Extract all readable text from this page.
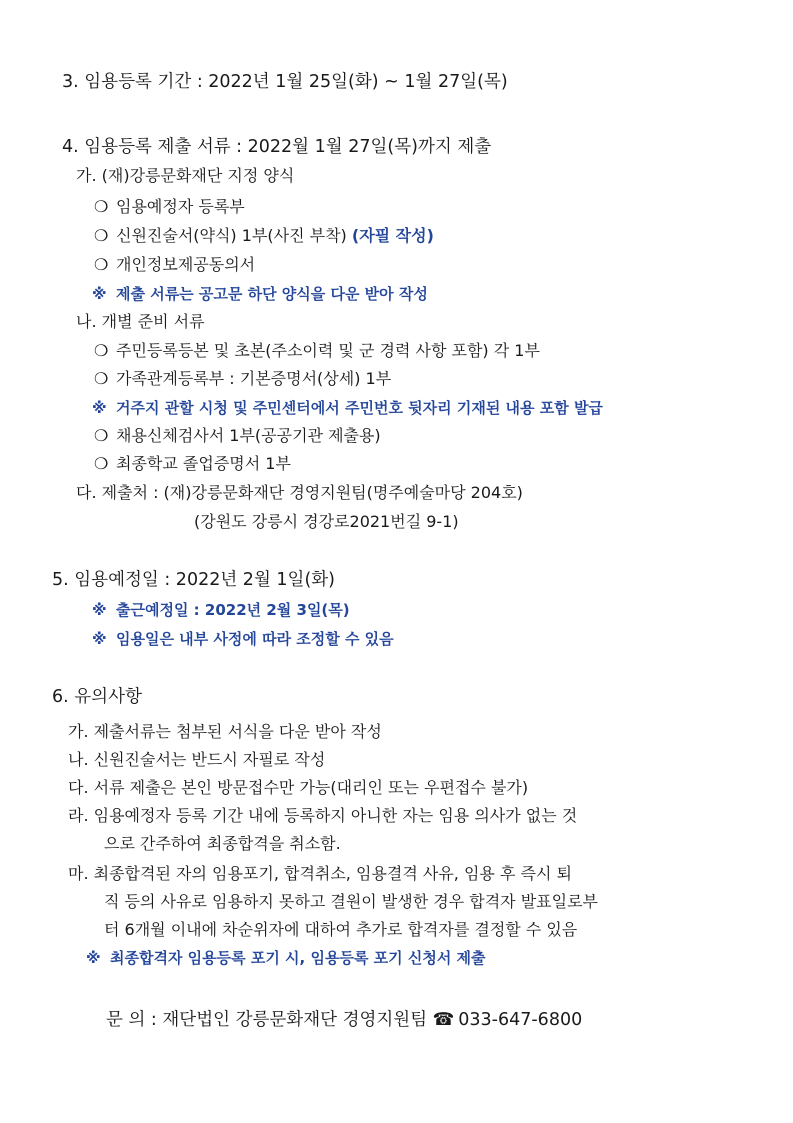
3. 임용등록 기간 : 2022년 1월 25일(화) ~ 1월 27일(목)
4. 임용등록 제출 서류 : 2022월 1월 27일(목)까지 제출
가. (재)강릉문화재단 지정 양식
❍ 임용예정자 등록부
❍ 신원진술서(약식) 1부(사진 부착) (자필 작성)
❍ 개인정보제공동의서
※ 제출 서류는 공고문 하단 양식을 다운 받아 작성
나. 개별 준비 서류
❍ 주민등록등본 및 초본(주소이력 및 군 경력 사항 포함) 각 1부
❍ 가족관계등록부 : 기본증명서(상세) 1부
※ 거주지 관할 시청 및 주민센터에서 주민번호 뒷자리 기재된 내용 포함 발급
❍ 채용신체검사서 1부(공공기관 제출용)
❍ 최종학교 졸업증명서 1부
다. 제출처 : (재)강릉문화재단 경영지원팀(명주예술마당 204호)
(강원도 강릉시 경강로2021번길 9-1)
5. 임용예정일 : 2022년 2월 1일(화)
※ 출근예정일 : 2022년 2월 3일(목)
※ 임용일은 내부 사정에 따라 조정할 수 있음
6. 유의사항
가. 제출서류는 첨부된 서식을 다운 받아 작성
나. 신원진술서는 반드시 자필로 작성
다. 서류 제출은 본인 방문접수만 가능(대리인 또는 우편접수 불가)
라. 임용예정자 등록 기간 내에 등록하지 아니한 자는 임용 의사가 없는 것
으로 간주하여 최종합격을 취소함.
마. 최종합격된 자의 임용포기, 합격취소, 임용결격 사유, 임용 후 즉시 퇴
직 등의 사유로 임용하지 못하고 결원이 발생한 경우 합격자 발표일로부
터 6개월 이내에 차순위자에 대하여 추가로 합격자를 결정할 수 있음
※ 최종합격자 임용등록 포기 시, 임용등록 포기 신청서 제출
문 의 : 재단법인 강릉문화재단 경영지원팀 ☎ 033-647-6800
